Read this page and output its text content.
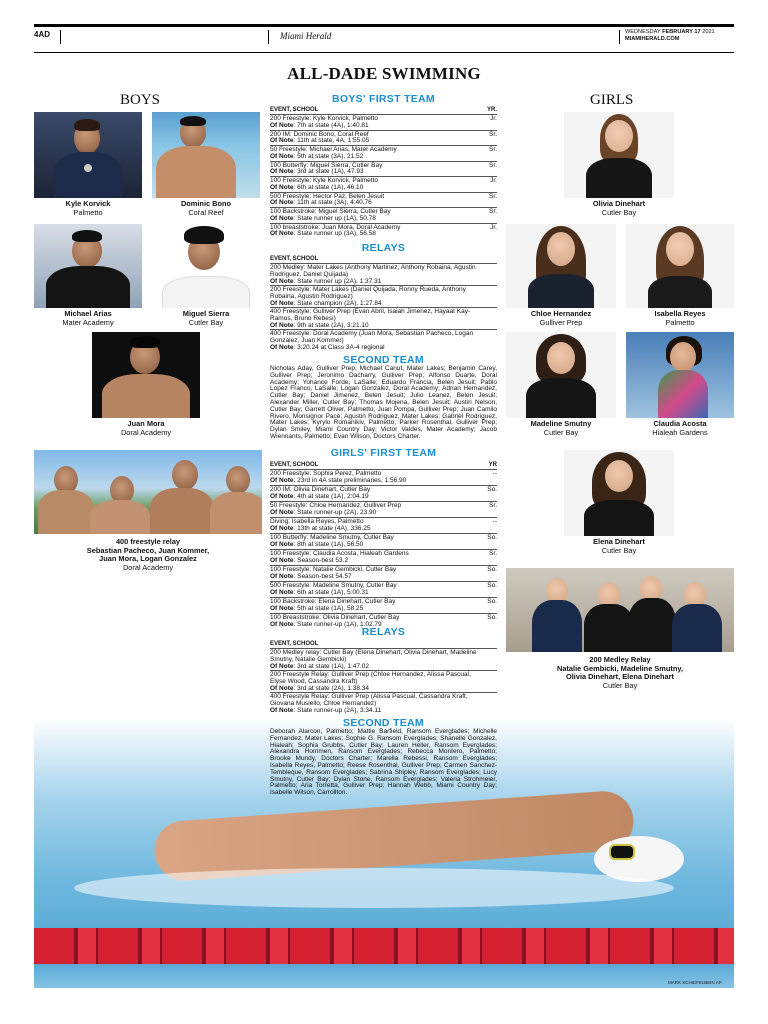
4AD	Miami Herald	WEDNESDAY FEBRUARY 17 2021
MIAMIHERALD.COM
ALL-DADE SWIMMING
BOYS	GIRLS
Kyle Korvick
Palmetto
Dominic Bono
Coral Reef
Michael Arias
Mater Academy
Miguel Sierra
Cutler Bay
Juan Mora
Doral Academy
400 freestyle relay
Sebastian Pacheco, Juan Kommer,
Juan Mora, Logan Gonzalez
Doral Academy
Olivia Dinehart
Cutler Bay
Chloe Hernandez
Gulliver Prep
Isabella Reyes
Palmetto
Madeline Smutny
Cutler Bay
Claudia Acosta
Hialeah Gardens
Elena Dinehart
Cutler Bay
200 Medley Relay
Natalie Gembicki, Madeline Smutny,
Olivia Dinehart, Elena Dinehart
Cutler Bay
MARK SCHIEFELBEIN AP
BOYS' FIRST TEAM
EVENT, SCHOOL	YR.
200 Freestyle: Kyle Korvick, Palmetto	Jr.
Of Note: 7th at state (4A), 1:40.81
200 IM: Dominic Bono, Coral Reef	Sr.
Of Note: 11th at state, 4A, 1:55.05
50 Freestyle: Michael Arias, Mater Academy	Sr.
Of Note: 5th at state (3A), 21.52
100 Butterfly: Miguel Sierra, Cutler Bay	Sr.
Of Note: 3rd at state (1A), 47.93
100 Freestyle: Kyle Korvick, Palmetto	Jr.
Of Note: 6th at state (1A), 46.10
500 Freestyle: Hector Paz, Belen Jesuit	Sr.
Of Note: 11th at state (3A), 4:40.76
100 Backstroke: Miguel Sierra, Cutler Bay	Sr.
Of Note: State runner up (1A), 50.78
100 breaststroke: Juan Mora, Doral Academy	Jr.
Of Note: State runner up (3A), 56.58
RELAYS
EVENT, SCHOOL
200 Medley: Mater Lakes (Anthony Martinez, Anthony Robaina, Agustin Rodriguez, Daniel Quijada)
Of Note: State runner up (2A), 1:37.31
200 Freestyle: Mater Lakes (Daniel Quijada, Ronny Rueda, Anthony Robaina, Agustin Rodriguez)
Of Note: State champion (2A), 1:27.84
400 Freestyle: Gulliver Prep (Evan Abril, Isaiah Jimenez, Hayaat Kay-Ramos, Bruno Rebesi)
Of Note: 9th at state (2A), 3:21.10
400 Freestyle: Doral Academy (Juan Mora, Sebastian Pacheco, Logan Gonzalez, Juan Kommer)
Of Note: 3:20.24 at Class 3A-4 regional
SECOND TEAM
Nicholas Aday, Gulliver Prep; Michael Canut, Mater Lakes; Benjamin Carey, Gulliver Prep; Jeronimo Dacharry, Gulliver Prep; Alfonso Duarte, Doral Academy; Yohance Forde, LaSalle; Eduardo Francia, Belen Jesuit; Pablo Lopez Franco, LaSalle; Logan Gonzalez, Doral Academy; Adrian Hernandez, Cutler Bay; Daniel Jimenez, Belen Jesuit; Julio Leanez, Belen Jesuit; Alexander Miller, Cutler Bay; Thomas Mojena, Belen Jesuit; Austin Nelson, Cutler Bay; Garrett Oliver, Palmetto; Juan Pompa, Gulliver Prep; Juan Camilo Rivero, Monsignor Pace; Agustin Rodriguez, Mater Lakes; Gabriel Rodriguez, Mater Lakes; Kyrylo Romanikiv, Palmetto; Parker Rosenthal, Gulliver Prep; Dylan Smiley, Miami Country Day; Victor Valdes, Mater Academy; Jacob Wiennants, Palmetto; Evan Wilson, Doctors Charter.
GIRLS' FIRST TEAM
EVENT, SCHOOL	YR
200 Freestyle: Sophia Perez, Palmetto	--
Of Note: 23rd in 4A state preliminaries, 1:56.90
200 IM: Olivia Dinehart, Cutler Bay	So.
Of Note: 4th at state (1A), 2:04.19
50 Freestyle: Chloe Hernandez, Gulliver Prep	Sr.
Of Note: State runner-up (2A), 23.90
Diving: Isabella Reyes, Palmetto	--
Of Note: 13th at state (4A), 336.25
100 Butterfly: Madeline Smutny, Cutler Bay	So.
Of Note: 8th at state (1A), 56.50
100 Freestyle: Claudia Acosta, Hialeah Gardens	Sr.
Of Note: Season-best 53.2
100 Freestyle: Natalie Gembicki, Cutler Bay	So.
Of Note: Season-best 54.57
500 Freestyle: Madeline Smutny, Cutler Bay	So.
Of Note: 6th at state (1A), 5:00.31
100 Backstroke: Elena Dinehart, Cutler Bay	So.
Of Note: 5th at state (1A), 58.25
100 Breaststroke: Olivia Dinehart, Cutler Bay	So.
Of Note: State runner-up (1A), 1:02.79
RELAYS
EVENT, SCHOOL
200 Medley relay: Cutler Bay (Elena Dinehart, Olivia Dinehart, Madeline Smutny, Natalie Gembicki)
Of Note: 3rd at state (1A), 1:47.02
200 Freestyle Relay: Gulliver Prep (Chloe Hernandez, Alissa Pascual, Elyse Wood, Cassandra Kraft)
Of Note: 3rd at state (2A), 1:38.34
400 Freestyle Relay: Gulliver Prep (Alissa Pascual, Cassandra Kraft, Giovana Musiello, Chloe Hernandez)
Of Note: State runner-up (2A), 3:34.11
SECOND TEAM
Deborah Alarcon, Palmetto; Mattie Barfield, Ransom Everglades; Michelle Fernandez, Mater Lakes; Sophie G. Ransom Everglades; Shanelle Gonzalez, Hialeah; Sophia Grubbs, Cutler Bay; Lauren Heller, Ransom Everglades; Alexandra Hommen, Ransom Everglades; Rebecca Montero, Palmetto; Brooke Mundy, Doctors Charter; Marella Rebessi, Ransom Everglades; Isabella Reyes, Palmetto; Reese Rosenthal, Gulliver Prep; Carmen Sanchez-Tembleque, Ransom Everglades; Sabrina Shipley, Ransom Everglades; Lucy Smutny, Cutler Bay; Dylan Stone, Ransom Everglades; Valeria Strohmeier, Palmetto; Aria Torretta, Gulliver Prep; Hannah Webb, Miami Country Day; Isabelle Wilson, Carrollton.
